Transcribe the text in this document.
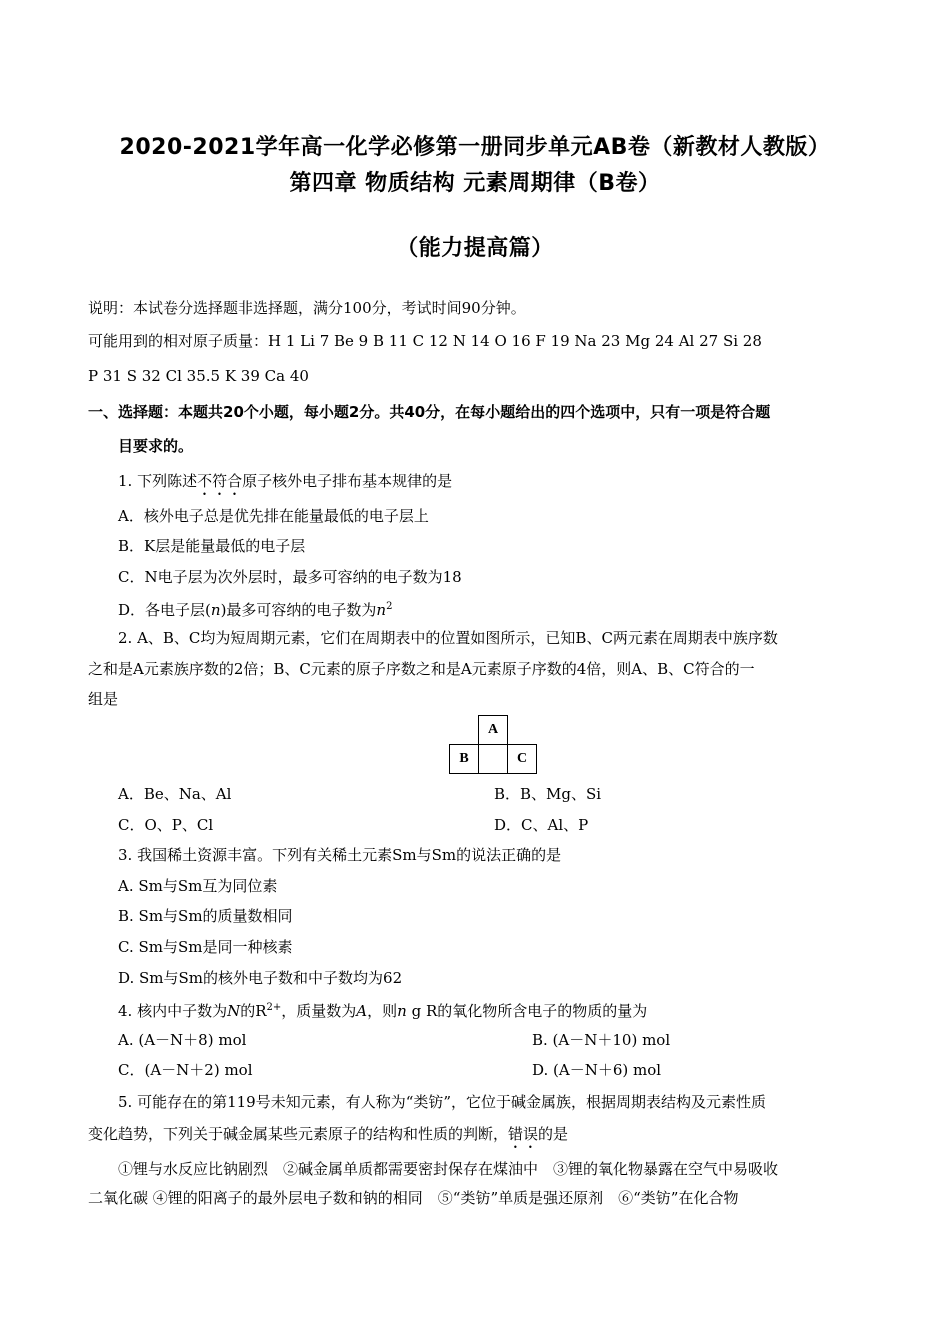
2020-2021学年高一化学必修第一册同步单元AB卷（新教材人教版）
第四章 物质结构 元素周期律（B卷）
（能力提高篇）
说明：本试卷分选择题非选择题，满分100分，考试时间90分钟。
可能用到的相对原子质量：H 1 Li 7 Be 9 B 11 C 12 N 14 O 16 F 19 Na 23 Mg 24 Al 27 Si 28
P 31 S 32 Cl 35.5 K 39 Ca 40
一、选择题：本题共20个小题，每小题2分。共40分，在每小题给出的四个选项中，只有一项是符合题
目要求的。
1. 下列陈述不符合原子核外电子排布基本规律的是
A．核外电子总是优先排在能量最低的电子层上
B．K层是能量最低的电子层
C．N电子层为次外层时，最多可容纳的电子数为18
D．各电子层(n)最多可容纳的电子数为$n^2$
2. A、B、C均为短周期元素，它们在周期表中的位置如图所示，已知B、C两元素在周期表中族序数
之和是A元素族序数的2倍；B、C元素的原子序数之和是A元素原子序数的4倍，则A、B、C符合的一
组是
A
B	C
A．Be、Na、Al	B．B、Mg、Si
C．O、P、Cl	D．C、Al、P
3. 我国稀土资源丰富。下列有关稀土元素Sm与Sm的说法正确的是
A. Sm与Sm互为同位素
B. Sm与Sm的质量数相同
C. Sm与Sm是同一种核素
D. Sm与Sm的核外电子数和中子数均为62
4. 核内中子数为N的$R^{2+}$，质量数为A，则n g R的氧化物所含电子的物质的量为
A. (A－N＋8) mol	B. (A－N＋10) mol
C．(A－N＋2) mol	D. (A－N＋6) mol
5. 可能存在的第119号未知元素，有人称为“类钫”，它位于碱金属族，根据周期表结构及元素性质
变化趋势，下列关于碱金属某些元素原子的结构和性质的判断，错误的是
①锂与水反应比钠剧烈　②碱金属单质都需要密封保存在煤油中　③锂的氧化物暴露在空气中易吸收
二氧化碳 ④锂的阳离子的最外层电子数和钠的相同　⑤“类钫”单质是强还原剂　⑥“类钫”在化合物
